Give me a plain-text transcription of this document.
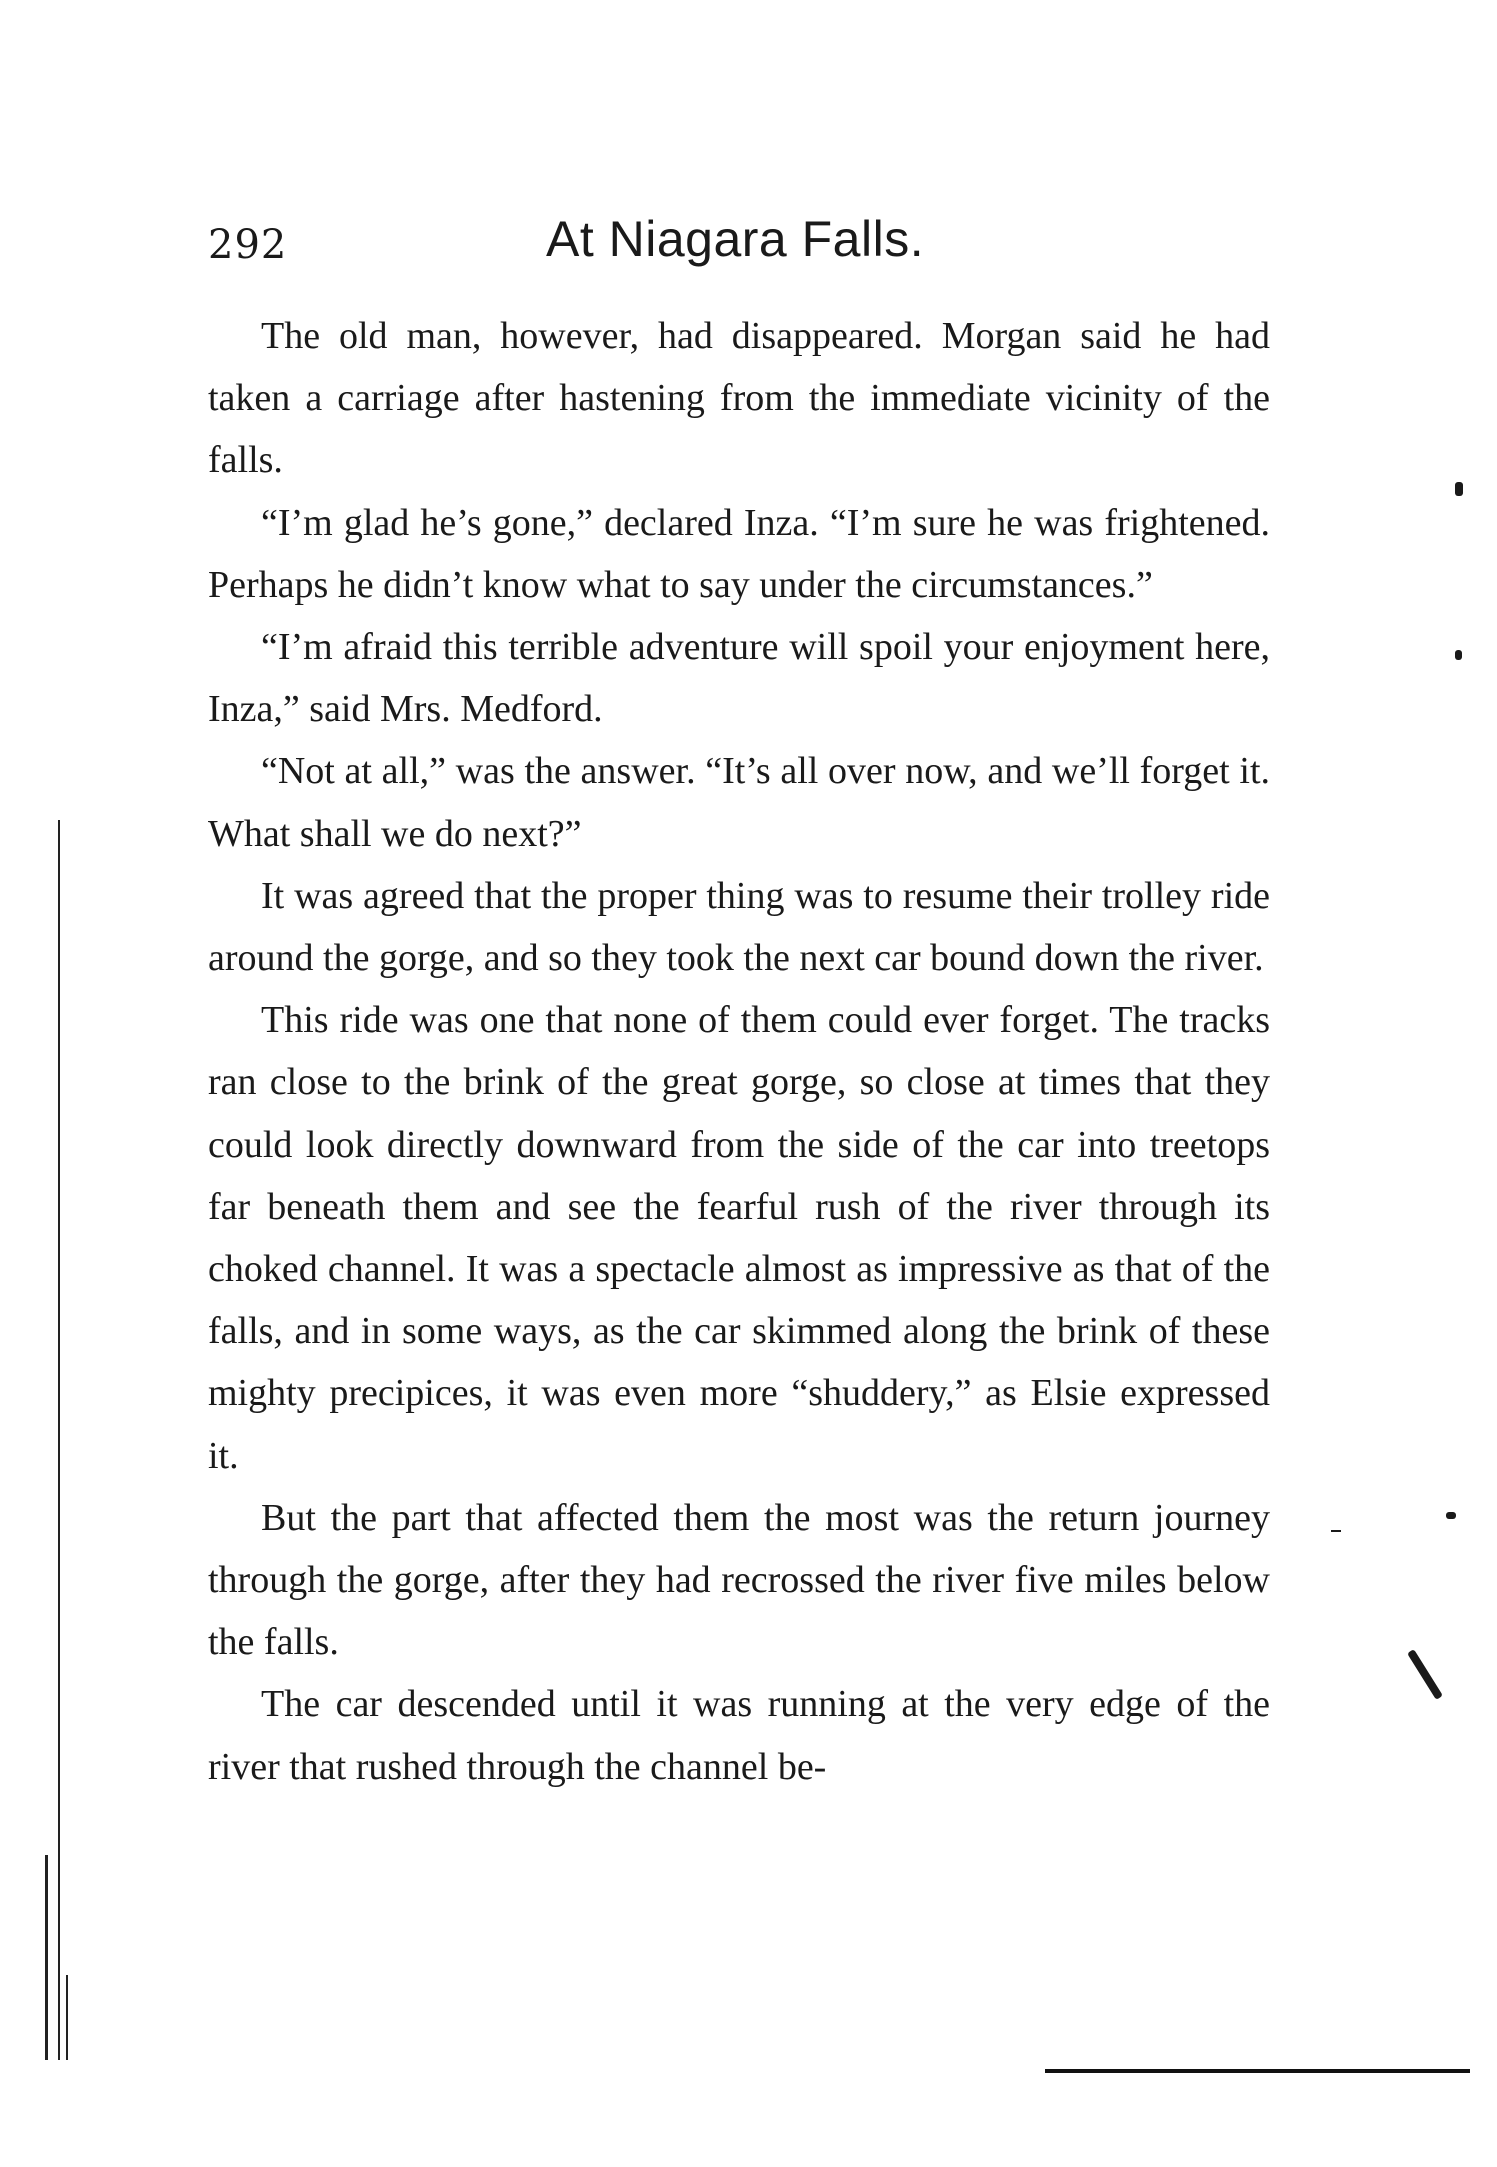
292	At Niagara Falls.

The old man, however, had disappeared. Morgan said he had taken a carriage after hastening from the immediate vicinity of the falls.

“I’m glad he’s gone,” declared Inza. “I’m sure he was frightened. Perhaps he didn’t know what to say under the circumstances.”

“I’m afraid this terrible adventure will spoil your enjoyment here, Inza,” said Mrs. Medford.

“Not at all,” was the answer. “It’s all over now, and we’ll forget it. What shall we do next?”

It was agreed that the proper thing was to resume their trolley ride around the gorge, and so they took the next car bound down the river.

This ride was one that none of them could ever forget. The tracks ran close to the brink of the great gorge, so close at times that they could look directly downward from the side of the car into treetops far beneath them and see the fearful rush of the river through its choked channel. It was a spectacle almost as impressive as that of the falls, and in some ways, as the car skimmed along the brink of these mighty precipices, it was even more “shuddery,” as Elsie expressed it.

But the part that affected them the most was the return journey through the gorge, after they had recrossed the river five miles below the falls.

The car descended until it was running at the very edge of the river that rushed through the channel be-
